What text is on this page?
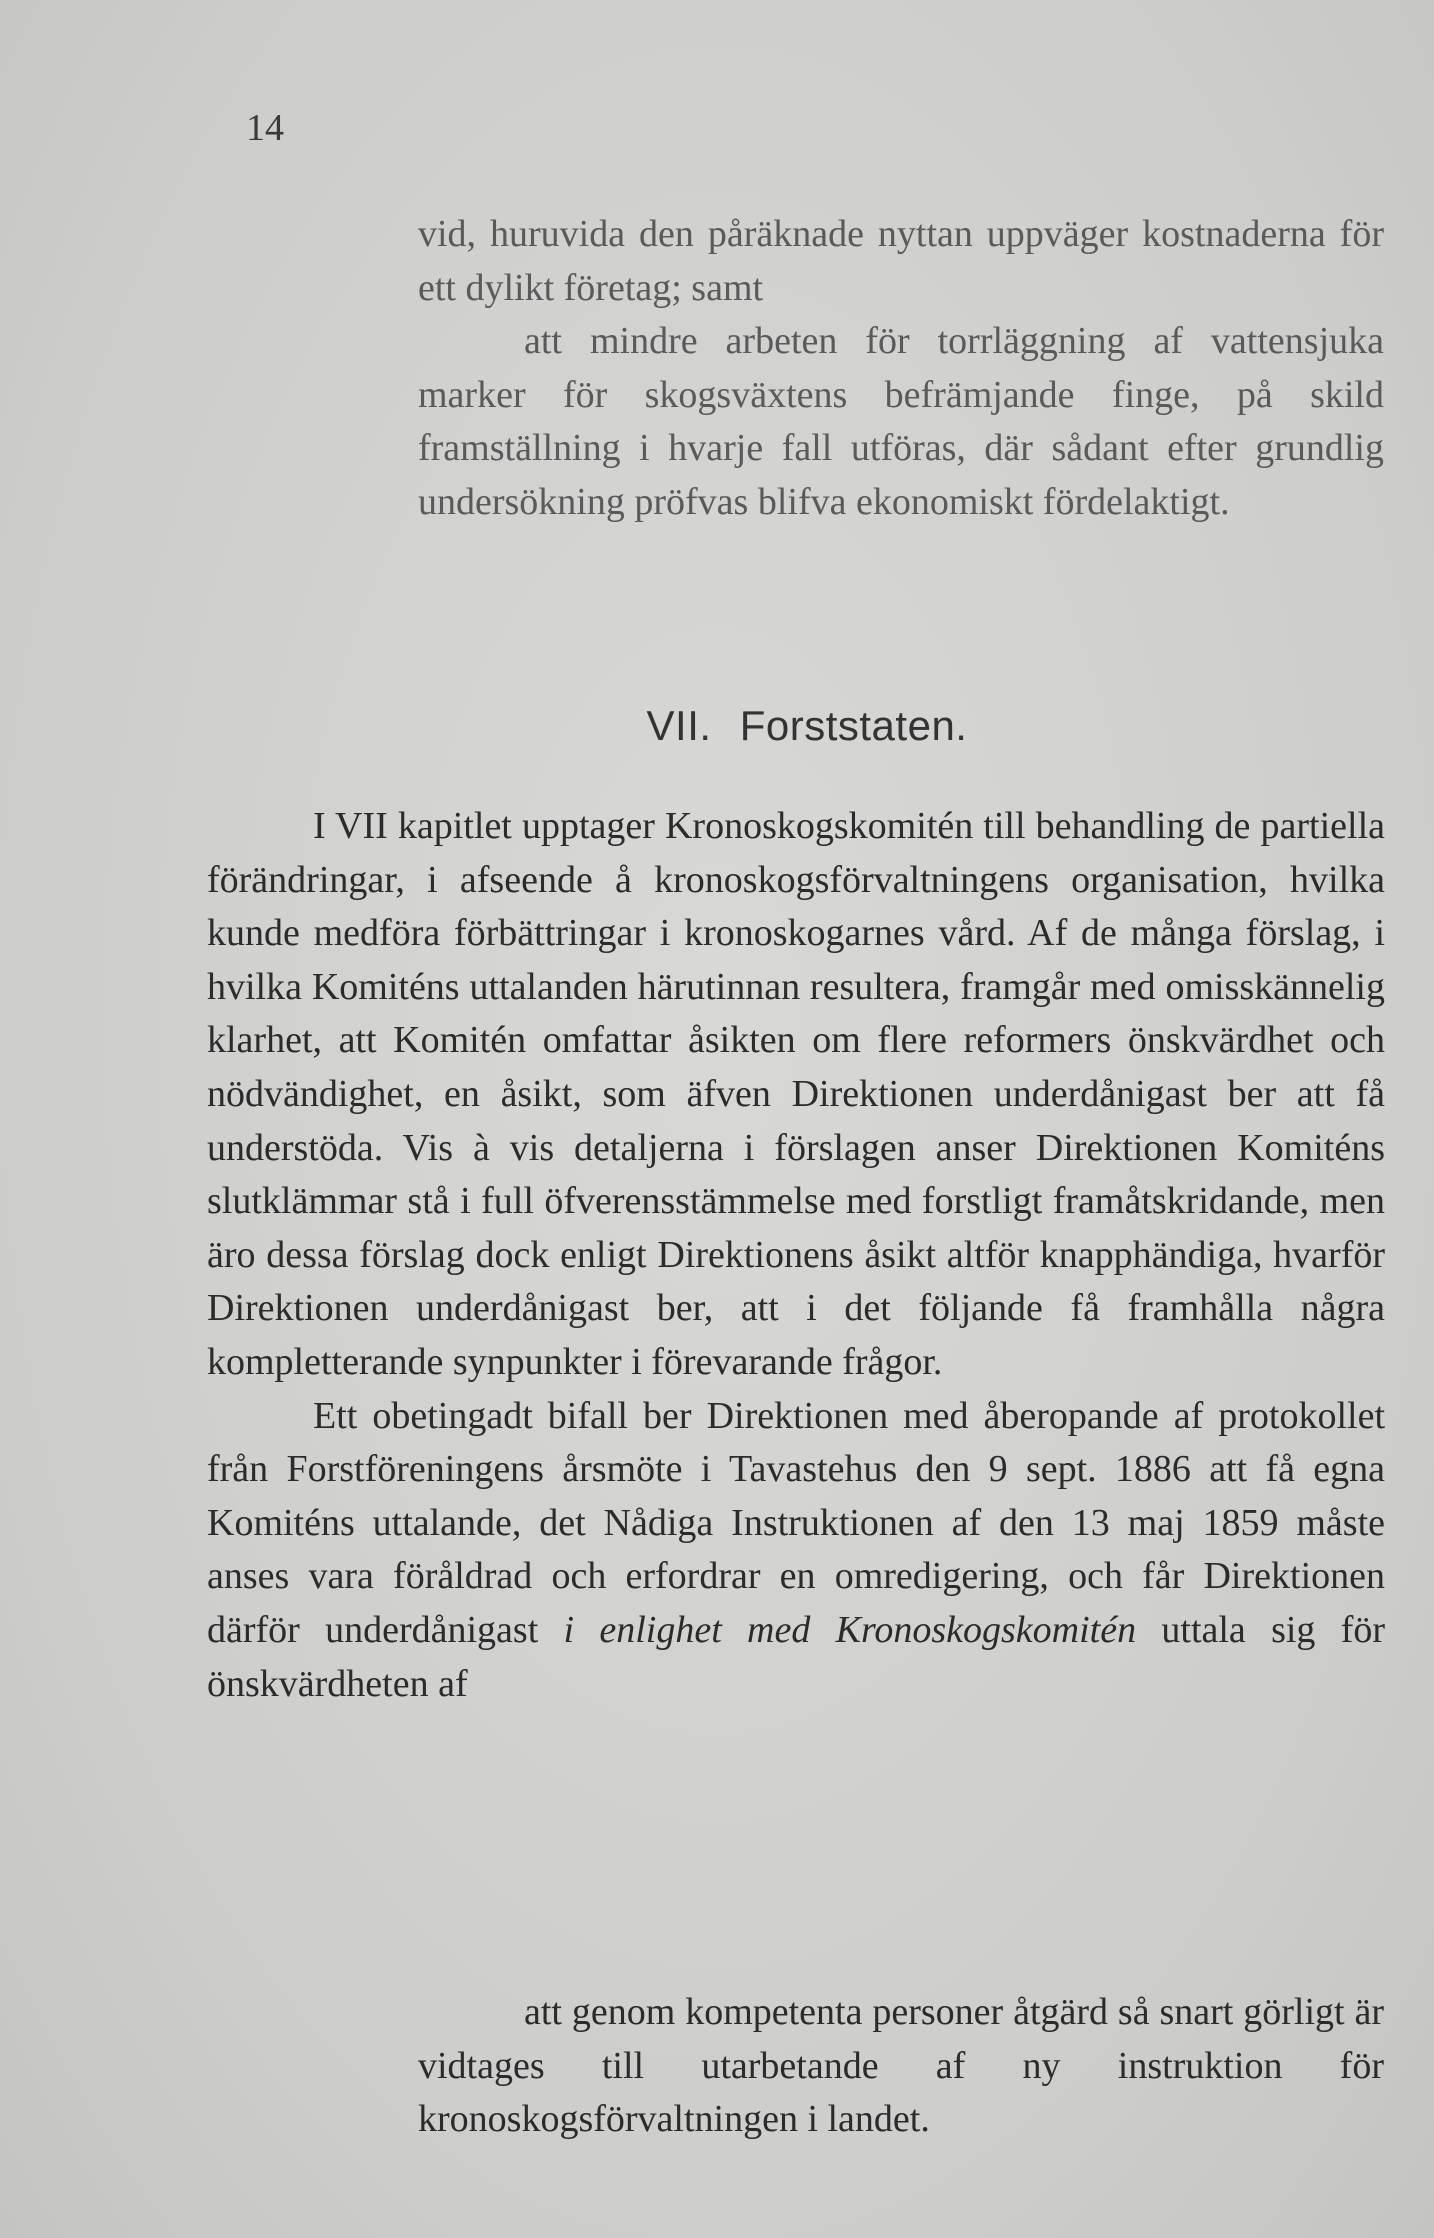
14

vid, huruvida den påräknade nyttan uppväger kostnaderna för ett dylikt företag; samt

att mindre arbeten för torrläggning af vattensjuka marker för skogsväxtens befrämjande finge, på skild framställning i hvarje fall utföras, där sådant efter grundlig undersökning pröfvas blifva ekonomiskt fördelaktigt.

VII. Forststaten.

I VII kapitlet upptager Kronoskogskomitén till behandling de partiella förändringar, i afseende å kronoskogsförvaltningens organisation, hvilka kunde medföra förbättringar i kronoskogarnes vård. Af de många förslag, i hvilka Komiténs uttalanden härutinnan resultera, framgår med omisskännelig klarhet, att Komitén omfattar åsikten om flere reformers önskvärdhet och nödvändighet, en åsikt, som äfven Direktionen underdånigast ber att få understöda. Vis à vis detaljerna i förslagen anser Direktionen Komiténs slutklämmar stå i full öfverensstämmelse med forstligt framåtskridande, men äro dessa förslag dock enligt Direktionens åsikt altför knapphändiga, hvarför Direktionen underdånigast ber, att i det följande få framhålla några kompletterande synpunkter i förevarande frågor.

Ett obetingadt bifall ber Direktionen med åberopande af protokollet från Forstföreningens årsmöte i Tavastehus den 9 sept. 1886 att få egna Komiténs uttalande, det Nådiga Instruktionen af den 13 maj 1859 måste anses vara föråldrad och erfordrar en omredigering, och får Direktionen därför underdånigast i enlighet med Kronoskogskomitén uttala sig för önskvärdheten af

att genom kompetenta personer åtgärd så snart görligt är vidtages till utarbetande af ny instruktion för kronoskogsförvaltningen i landet.
